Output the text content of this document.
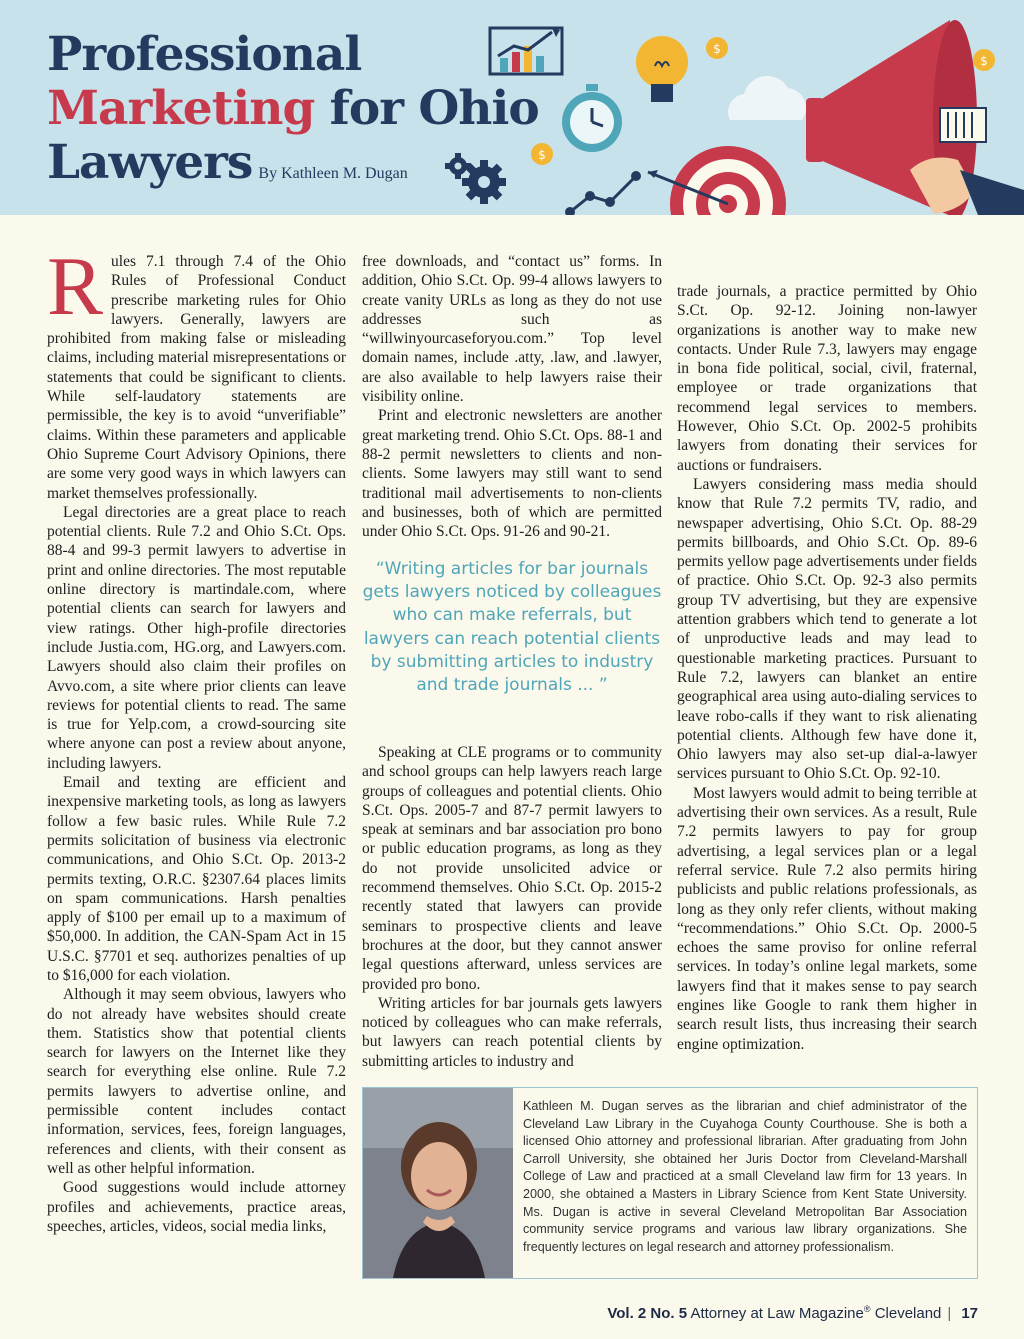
Professional
Marketing for Ohio
Lawyers By Kathleen M. Dugan
$
$
$

Rules 7.1 through 7.4 of the Ohio Rules of Professional Conduct prescribe marketing rules for Ohio lawyers. Generally, lawyers are prohibited from making false or misleading claims, including material misrepresentations or statements that could be significant to clients. While self-laudatory statements are permissible, the key is to avoid “unverifiable” claims. Within these parameters and applicable Ohio Supreme Court Advisory Opinions, there are some very good ways in which lawyers can market themselves professionally.

Legal directories are a great place to reach potential clients. Rule 7.2 and Ohio S.Ct. Ops. 88-4 and 99-3 permit lawyers to advertise in print and online directories. The most reputable online directory is martindale.com, where potential clients can search for lawyers and view ratings. Other high-profile directories include Justia.com, HG.org, and Lawyers.com. Lawyers should also claim their profiles on Avvo.com, a site where prior clients can leave reviews for potential clients to read. The same is true for Yelp.com, a crowd-sourcing site where anyone can post a review about anyone, including lawyers.

Email and texting are efficient and inexpensive marketing tools, as long as lawyers follow a few basic rules. While Rule 7.2 permits solicitation of business via electronic communications, and Ohio S.Ct. Op. 2013-2 permits texting, O.R.C. §2307.64 places limits on spam communications. Harsh penalties apply of $100 per email up to a maximum of $50,000. In addition, the CAN-Spam Act in 15 U.S.C. §7701 et seq. authorizes penalties of up to $16,000 for each violation.

Although it may seem obvious, lawyers who do not already have websites should create them. Statistics show that potential clients search for lawyers on the Internet like they search for everything else online. Rule 7.2 permits lawyers to advertise online, and permissible content includes contact information, services, fees, foreign languages, references and clients, with their consent as well as other helpful information.

Good suggestions would include attorney profiles and achievements, practice areas, speeches, articles, videos, social media links,

free downloads, and “contact us” forms. In addition, Ohio S.Ct. Op. 99-4 allows lawyers to create vanity URLs as long as they do not use addresses such as “willwinyourcaseforyou.com.” Top level domain names, include .atty, .law, and .lawyer, are also available to help lawyers raise their visibility online.

Print and electronic newsletters are another great marketing trend. Ohio S.Ct. Ops. 88-1 and 88-2 permit newsletters to clients and non-clients. Some lawyers may still want to send traditional mail advertisements to non-clients and businesses, both of which are permitted under Ohio S.Ct. Ops. 91-26 and 90-21.

“Writing articles for bar journals gets lawyers noticed by colleagues who can make referrals, but lawyers can reach potential clients by submitting articles to industry and trade journals ... ”

Speaking at CLE programs or to community and school groups can help lawyers reach large groups of colleagues and potential clients. Ohio S.Ct. Ops. 2005-7 and 87-7 permit lawyers to speak at seminars and bar association pro bono or public education programs, as long as they do not provide unsolicited advice or recommend themselves. Ohio S.Ct. Op. 2015-2 recently stated that lawyers can provide seminars to prospective clients and leave brochures at the door, but they cannot answer legal questions afterward, unless services are provided pro bono.

Writing articles for bar journals gets lawyers noticed by colleagues who can make referrals, but lawyers can reach potential clients by submitting articles to industry and

trade journals, a practice permitted by Ohio S.Ct. Op. 92-12. Joining non-lawyer organizations is another way to make new contacts. Under Rule 7.3, lawyers may engage in bona fide political, social, civil, fraternal, employee or trade organizations that recommend legal services to members. However, Ohio S.Ct. Op. 2002-5 prohibits lawyers from donating their services for auctions or fundraisers.

Lawyers considering mass media should know that Rule 7.2 permits TV, radio, and newspaper advertising, Ohio S.Ct. Op. 88-29 permits billboards, and Ohio S.Ct. Op. 89-6 permits yellow page advertisements under fields of practice. Ohio S.Ct. Op. 92-3 also permits group TV advertising, but they are expensive attention grabbers which tend to generate a lot of unproductive leads and may lead to questionable marketing practices. Pursuant to Rule 7.2, lawyers can blanket an entire geographical area using auto-dialing services to leave robo-calls if they want to risk alienating potential clients. Although few have done it, Ohio lawyers may also set-up dial-a-lawyer services pursuant to Ohio S.Ct. Op. 92-10.

Most lawyers would admit to being terrible at advertising their own services. As a result, Rule 7.2 permits lawyers to pay for group advertising, a legal services plan or a legal referral service. Rule 7.2 also permits hiring publicists and public relations professionals, as long as they only refer clients, without making “recommendations.” Ohio S.Ct. Op. 2000-5 echoes the same proviso for online referral services. In today’s online legal markets, some lawyers find that it makes sense to pay search engines like Google to rank them higher in search result lists, thus increasing their search engine optimization.

Kathleen M. Dugan serves as the librarian and chief administrator of the Cleveland Law Library in the Cuyahoga County Courthouse. She is both a licensed Ohio attorney and professional librarian. After graduating from John Carroll University, she obtained her Juris Doctor from Cleveland-Marshall College of Law and practiced at a small Cleveland law firm for 13 years. In 2000, she obtained a Masters in Library Science from Kent State University. Ms. Dugan is active in several Cleveland Metropolitan Bar Association community service programs and various law library organizations. She frequently lectures on legal research and attorney professionalism.
Vol. 2 No. 5 Attorney at Law Magazine® Cleveland | 17
